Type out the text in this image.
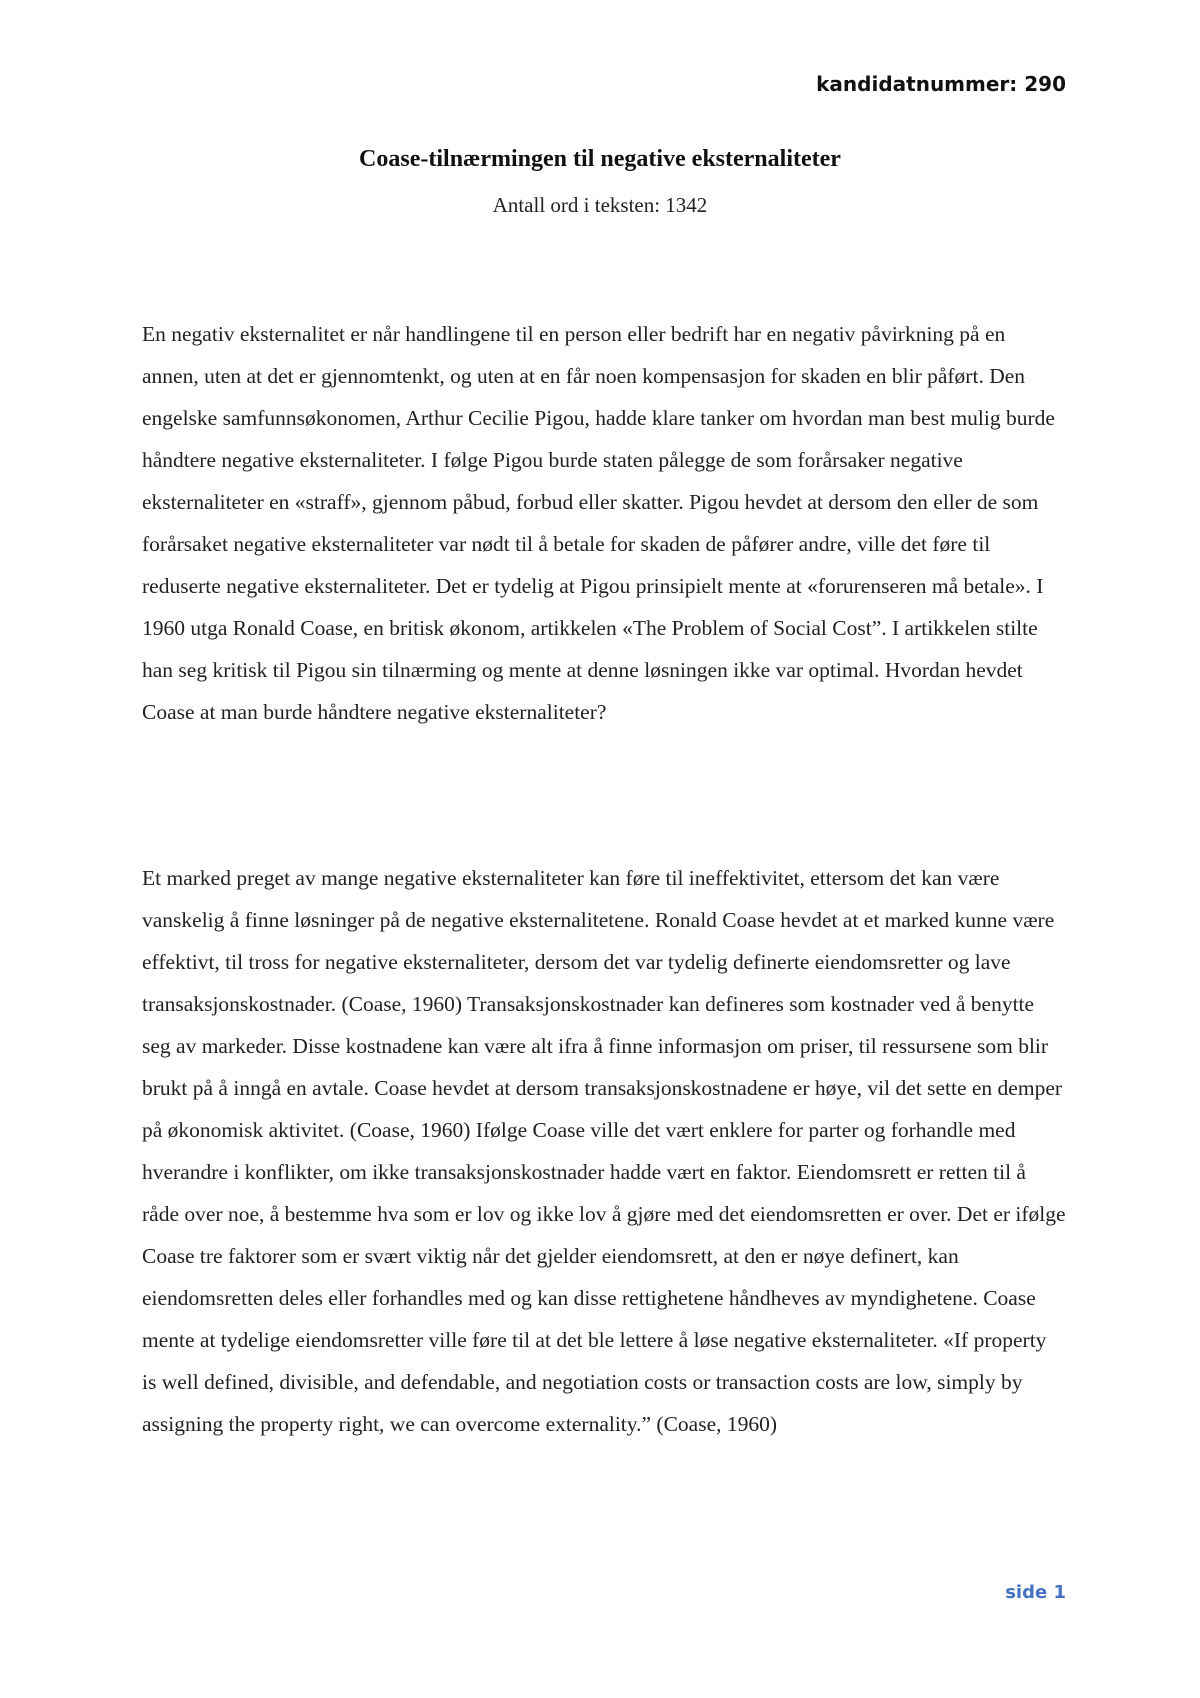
kandidatnummer: 290
Coase-tilnærmingen til negative eksternaliteter
Antall ord i teksten: 1342

En negativ eksternalitet er når handlingene til en person eller bedrift har en negativ påvirkning på en annen, uten at det er gjennomtenkt, og uten at en får noen kompensasjon for skaden en blir påført. Den engelske samfunnsøkonomen, Arthur Cecilie Pigou, hadde klare tanker om hvordan man best mulig burde håndtere negative eksternaliteter. I følge Pigou burde staten pålegge de som forårsaker negative eksternaliteter en «straff», gjennom påbud, forbud eller skatter. Pigou hevdet at dersom den eller de som forårsaket negative eksternaliteter var nødt til å betale for skaden de påfører andre, ville det føre til reduserte negative eksternaliteter. Det er tydelig at Pigou prinsipielt mente at «forurenseren må betale». I 1960 utga Ronald Coase, en britisk økonom, artikkelen «The Problem of Social Cost”. I artikkelen stilte han seg kritisk til Pigou sin tilnærming og mente at denne løsningen ikke var optimal. Hvordan hevdet Coase at man burde håndtere negative eksternaliteter?

Et marked preget av mange negative eksternaliteter kan føre til ineffektivitet, ettersom det kan være vanskelig å finne løsninger på de negative eksternalitetene. Ronald Coase hevdet at et marked kunne være effektivt, til tross for negative eksternaliteter, dersom det var tydelig definerte eiendomsretter og lave transaksjonskostnader. (Coase, 1960) Transaksjonskostnader kan defineres som kostnader ved å benytte seg av markeder. Disse kostnadene kan være alt ifra å finne informasjon om priser, til ressursene som blir brukt på å inngå en avtale. Coase hevdet at dersom transaksjonskostnadene er høye, vil det sette en demper på økonomisk aktivitet. (Coase, 1960) Ifølge Coase ville det vært enklere for parter og forhandle med hverandre i konflikter, om ikke transaksjonskostnader hadde vært en faktor. Eiendomsrett er retten til å råde over noe, å bestemme hva som er lov og ikke lov å gjøre med det eiendomsretten er over. Det er ifølge Coase tre faktorer som er svært viktig når det gjelder eiendomsrett, at den er nøye definert, kan eiendomsretten deles eller forhandles med og kan disse rettighetene håndheves av myndighetene. Coase mente at tydelige eiendomsretter ville føre til at det ble lettere å løse negative eksternaliteter. «If property is well defined, divisible, and defendable, and negotiation costs or transaction costs are low, simply by assigning the property right, we can overcome externality.” (Coase, 1960)

side 1
